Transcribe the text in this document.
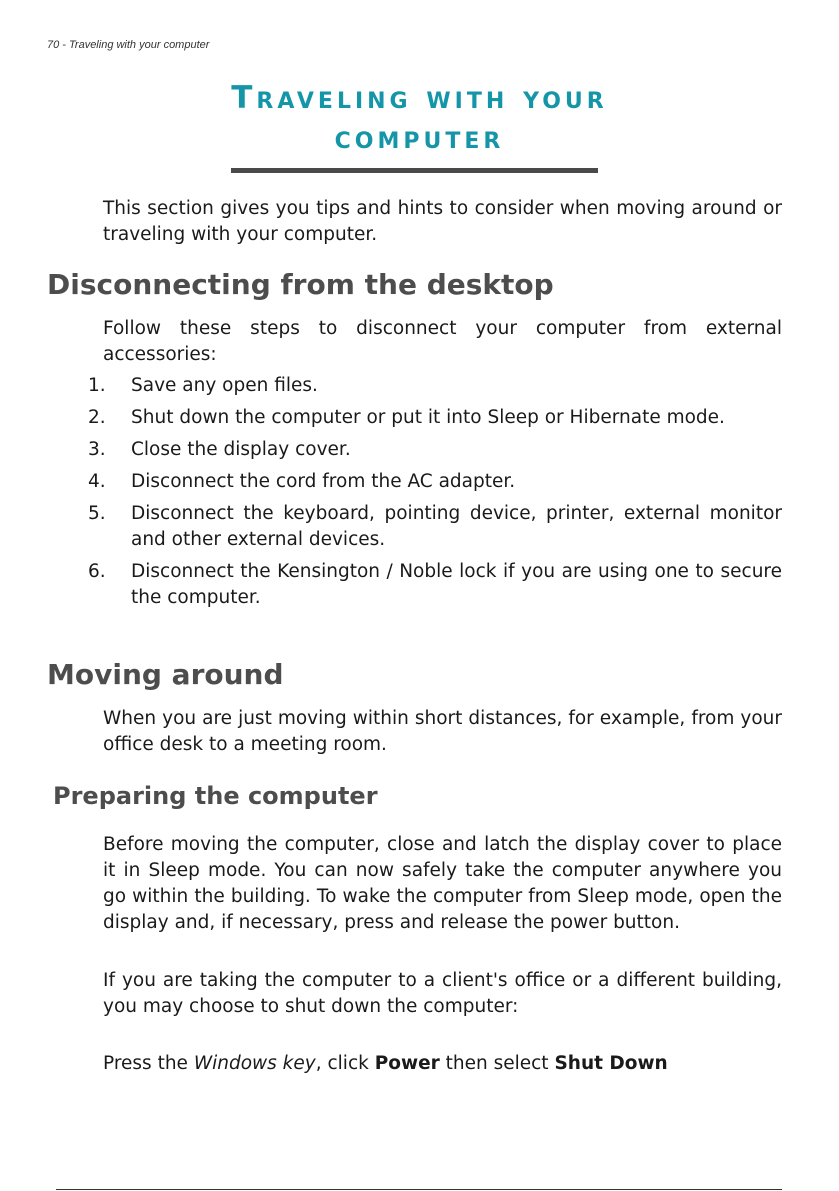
70 - Traveling with your computer
Traveling with your
computer

This section gives you tips and hints to consider when moving around or traveling with your computer.

Disconnecting from the desktop

Follow these steps to disconnect your computer from external accessories:

1.	Save any open files.
2.	Shut down the computer or put it into Sleep or Hibernate mode.
3.	Close the display cover.
4.	Disconnect the cord from the AC adapter.
5.	Disconnect the keyboard, pointing device, printer, external monitor and other external devices.
6.	Disconnect the Kensington / Noble lock if you are using one to secure the computer.
Moving around

When you are just moving within short distances, for example, from your office desk to a meeting room.

Preparing the computer

Before moving the computer, close and latch the display cover to place it in Sleep mode. You can now safely take the computer anywhere you go within the building. To wake the computer from Sleep mode, open the display and, if necessary, press and release the power button.

If you are taking the computer to a client's office or a different building, you may choose to shut down the computer:

Press the Windows key, click Power then select Shut Down
